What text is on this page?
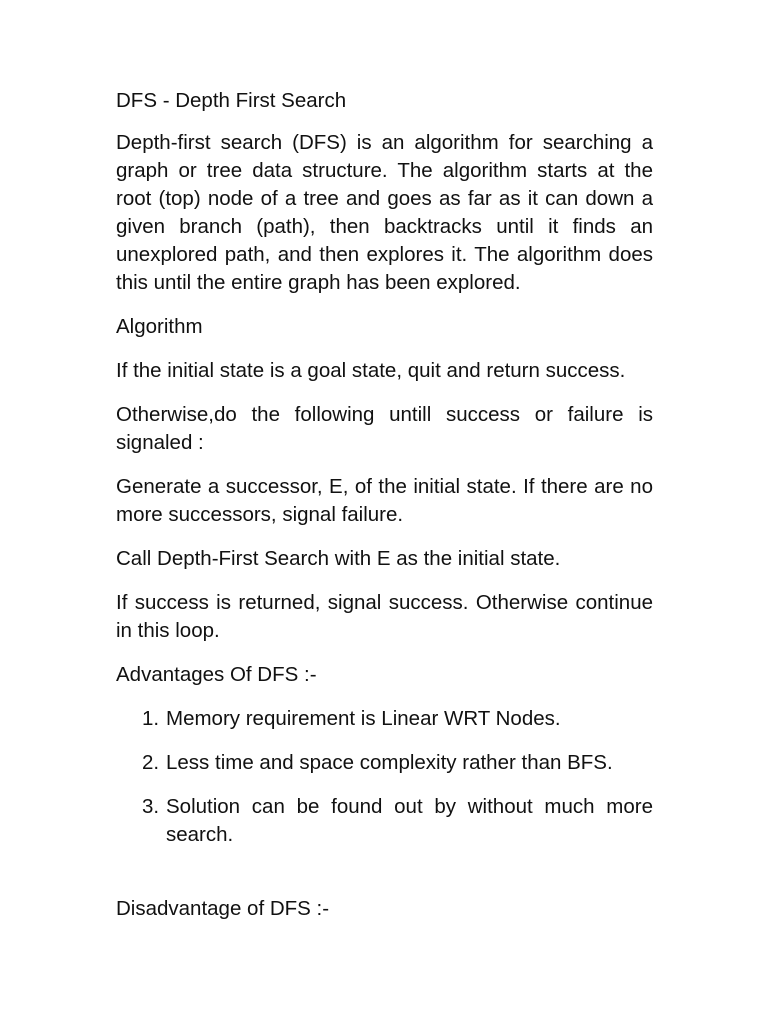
DFS - Depth First Search

Depth-first search (DFS) is an algorithm for searching a graph or tree data structure. The algorithm starts at the root (top) node of a tree and goes as far as it can down a given branch (path), then backtracks until it finds an unexplored path, and then explores it. The algorithm does this until the entire graph has been explored.

Algorithm

If the initial state is a goal state, quit and return success.

Otherwise,do the following untill success or failure is signaled :

Generate a successor, E, of the initial state. If there are no more successors, signal failure.

Call Depth-First Search with E as the initial state.

If success is returned, signal success. Otherwise continue in this loop.

Advantages Of DFS :-

1. Memory requirement is Linear WRT Nodes.
2. Less time and space complexity rather than BFS.
3. Solution can be found out by without much more search.

Disadvantage of DFS :-
